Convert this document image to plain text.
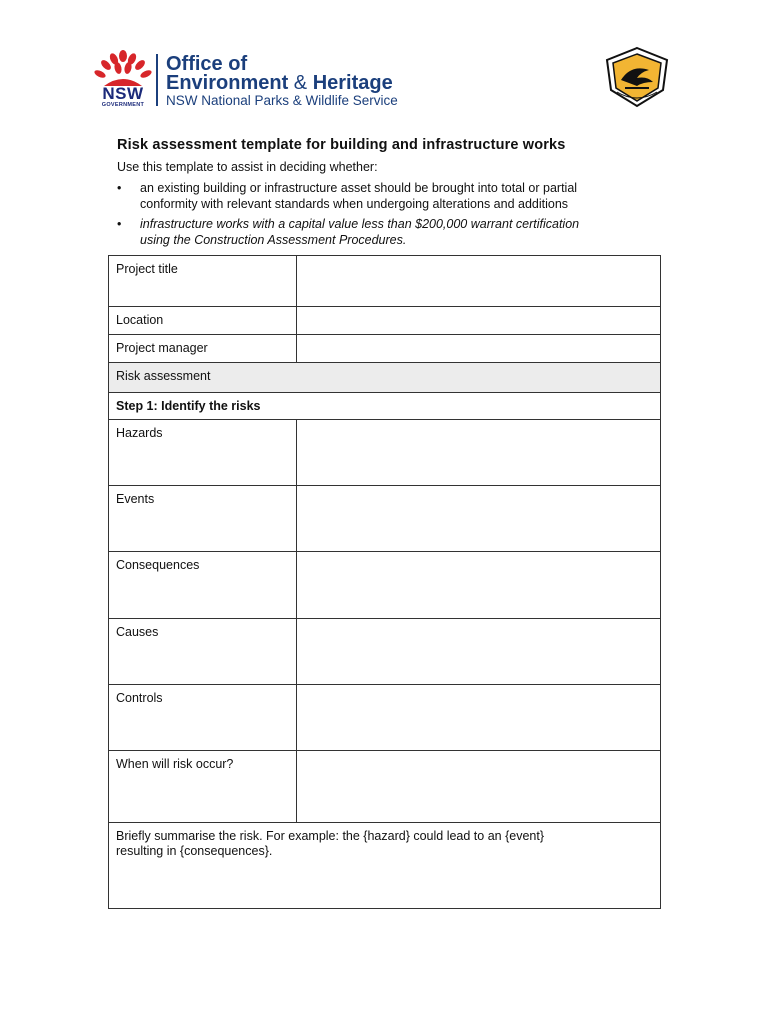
NSW
GOVERNMENT
Office of
Environment & Heritage
NSW National Parks & Wildlife Service
Risk assessment template for building and infrastructure works
Use this template to assist in deciding whether:
• an existing building or infrastructure asset should be brought into total or partial
conformity with relevant standards when undergoing alterations and additions
• infrastructure works with a capital value less than $200,000 warrant certification
using the Construction Assessment Procedures.
Project title	
Location	
Project manager	
Risk assessment	
Step 1: Identify the risks	
Hazards	
Events	
Consequences	
Causes	
Controls	
When will risk occur?	
Briefly summarise the risk. For example: the {hazard} could lead to an {event}
resulting in {consequences}.	
